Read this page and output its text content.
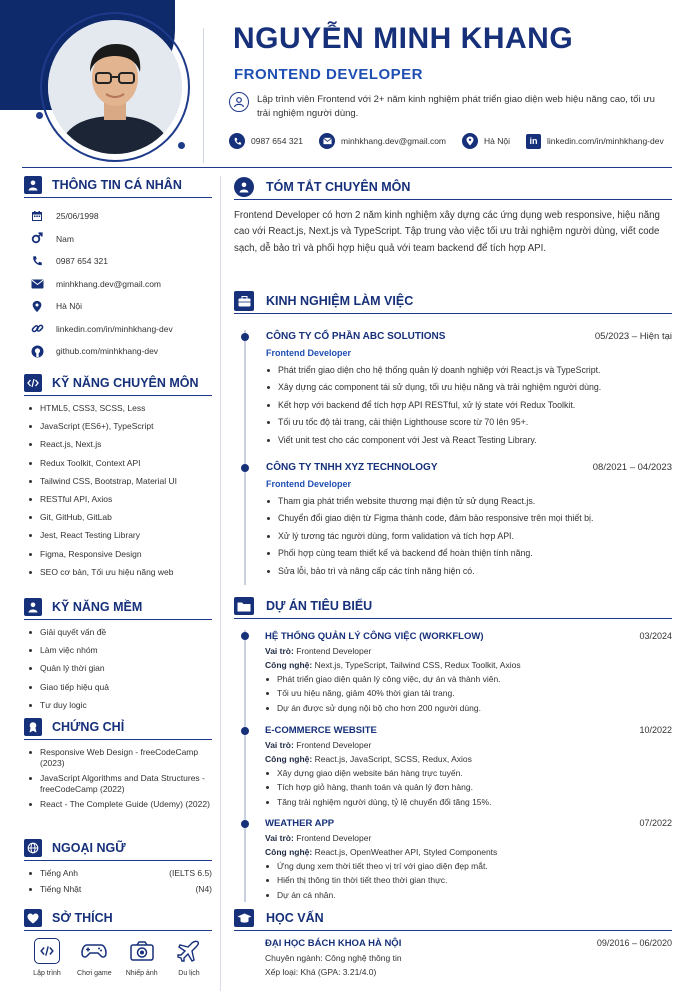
NGUYỄN MINH KHANG
FRONTEND DEVELOPER
Lập trình viên Frontend với 2+ năm kinh nghiệm phát triển giao diện web hiệu năng cao, tối ưu trải nghiệm người dùng.
0987 654 321	minhkhang.dev@gmail.com	Hà Nội	in	linkedin.com/in/minhkhang-dev
THÔNG TIN CÁ NHÂN
25/06/1998
Nam
0987 654 321
minhkhang.dev@gmail.com
Hà Nội
linkedin.com/in/minhkhang-dev
github.com/minhkhang-dev
KỸ NĂNG CHUYÊN MÔN
HTML5, CSS3, SCSS, Less
JavaScript (ES6+), TypeScript
React.js, Next.js
Redux Toolkit, Context API
Tailwind CSS, Bootstrap, Material UI
RESTful API, Axios
Git, GitHub, GitLab
Jest, React Testing Library
Figma, Responsive Design
SEO cơ bản, Tối ưu hiệu năng web
KỸ NĂNG MỀM
Giải quyết vấn đề
Làm việc nhóm
Quản lý thời gian
Giao tiếp hiệu quả
Tư duy logic
CHỨNG CHỈ
Responsive Web Design - freeCodeCamp (2023)
JavaScript Algorithms and Data Structures - freeCodeCamp (2022)
React - The Complete Guide (Udemy) (2022)
NGOẠI NGỮ
Tiếng Anh	(IELTS 6.5)
Tiếng Nhật	(N4)
SỞ THÍCH
Lập trình	Chơi game	Nhiếp ảnh	Du lịch
TÓM TẮT CHUYÊN MÔN
Frontend Developer có hơn 2 năm kinh nghiệm xây dựng các ứng dụng web responsive, hiệu năng cao với React.js, Next.js và TypeScript. Tập trung vào việc tối ưu trải nghiệm người dùng, viết code sạch, dễ bảo trì và phối hợp hiệu quả với team backend để tích hợp API.
KINH NGHIỆM LÀM VIỆC
CÔNG TY CỔ PHẦN ABC SOLUTIONS	05/2023 – Hiện tại
Frontend Developer
Phát triển giao diện cho hệ thống quản lý doanh nghiệp với React.js và TypeScript.
Xây dựng các component tái sử dụng, tối ưu hiệu năng và trải nghiệm người dùng.
Kết hợp với backend để tích hợp API RESTful, xử lý state với Redux Toolkit.
Tối ưu tốc độ tải trang, cải thiện Lighthouse score từ 70 lên 95+.
Viết unit test cho các component với Jest và React Testing Library.
CÔNG TY TNHH XYZ TECHNOLOGY	08/2021 – 04/2023
Frontend Developer
Tham gia phát triển website thương mại điện tử sử dụng React.js.
Chuyển đổi giao diện từ Figma thành code, đảm bảo responsive trên mọi thiết bị.
Xử lý tương tác người dùng, form validation và tích hợp API.
Phối hợp cùng team thiết kế và backend để hoàn thiện tính năng.
Sửa lỗi, bảo trì và nâng cấp các tính năng hiện có.
DỰ ÁN TIÊU BIỂU
HỆ THỐNG QUẢN LÝ CÔNG VIỆC (WORKFLOW)	03/2024
Vai trò: Frontend Developer
Công nghệ: Next.js, TypeScript, Tailwind CSS, Redux Toolkit, Axios
Phát triển giao diện quản lý công việc, dự án và thành viên.
Tối ưu hiệu năng, giảm 40% thời gian tải trang.
Dự án được sử dụng nội bộ cho hơn 200 người dùng.
E-COMMERCE WEBSITE	10/2022
Vai trò: Frontend Developer
Công nghệ: React.js, JavaScript, SCSS, Redux, Axios
Xây dựng giao diện website bán hàng trực tuyến.
Tích hợp giỏ hàng, thanh toán và quản lý đơn hàng.
Tăng trải nghiệm người dùng, tỷ lệ chuyển đổi tăng 15%.
WEATHER APP	07/2022
Vai trò: Frontend Developer
Công nghệ: React.js, OpenWeather API, Styled Components
Ứng dụng xem thời tiết theo vị trí với giao diện đẹp mắt.
Hiển thị thông tin thời tiết theo thời gian thực.
Dự án cá nhân.
HỌC VẤN
ĐẠI HỌC BÁCH KHOA HÀ NỘI	09/2016 – 06/2020
Chuyên ngành: Công nghệ thông tin
Xếp loại: Khá (GPA: 3.21/4.0)
